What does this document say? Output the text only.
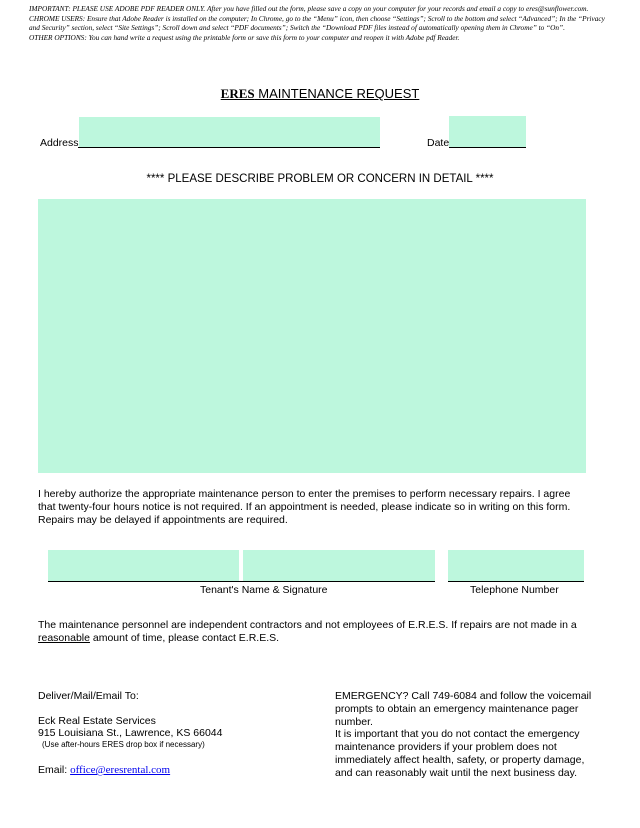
IMPORTANT: PLEASE USE ADOBE PDF READER ONLY. After you have filled out the form, please save a copy on your computer for your records and email a copy to eres@sunflower.com.

CHROME USERS: Ensure that Adobe Reader is installed on the computer; In Chrome, go to the “Menu” icon, then choose “Settings”; Scroll to the bottom and select “Advanced”; In the “Privacy and Security” section, select “Site Settings”; Scroll down and select “PDF documents”; Switch the “Download PDF files instead of automatically opening them in Chrome” to “On”.

OTHER OPTIONS: You can hand write a request using the printable form or save this form to your computer and reopen it with Adobe pdf Reader.

ERES MAINTENANCE REQUEST
Address	Date
**** PLEASE DESCRIBE PROBLEM OR CONCERN IN DETAIL ****
I hereby authorize the appropriate maintenance person to enter the premises to perform necessary repairs. I agree that twenty-four hours notice is not required. If an appointment is needed, please indicate so in writing on this form. Repairs may be delayed if appointments are required.
Tenant's Name & Signature	Telephone Number
The maintenance personnel are independent contractors and not employees of E.R.E.S. If repairs are not made in a reasonable amount of time, please contact E.R.E.S.
Deliver/Mail/Email To:
Eck Real Estate Services
915 Louisiana St., Lawrence, KS 66044
(Use after-hours ERES drop box if necessary)
Email: office@eresrental.com
EMERGENCY? Call 749-6084 and follow the voicemail prompts to obtain an emergency maintenance pager number.
It is important that you do not contact the emergency maintenance providers if your problem does not immediately affect health, safety, or property damage, and can reasonably wait until the next business day.
